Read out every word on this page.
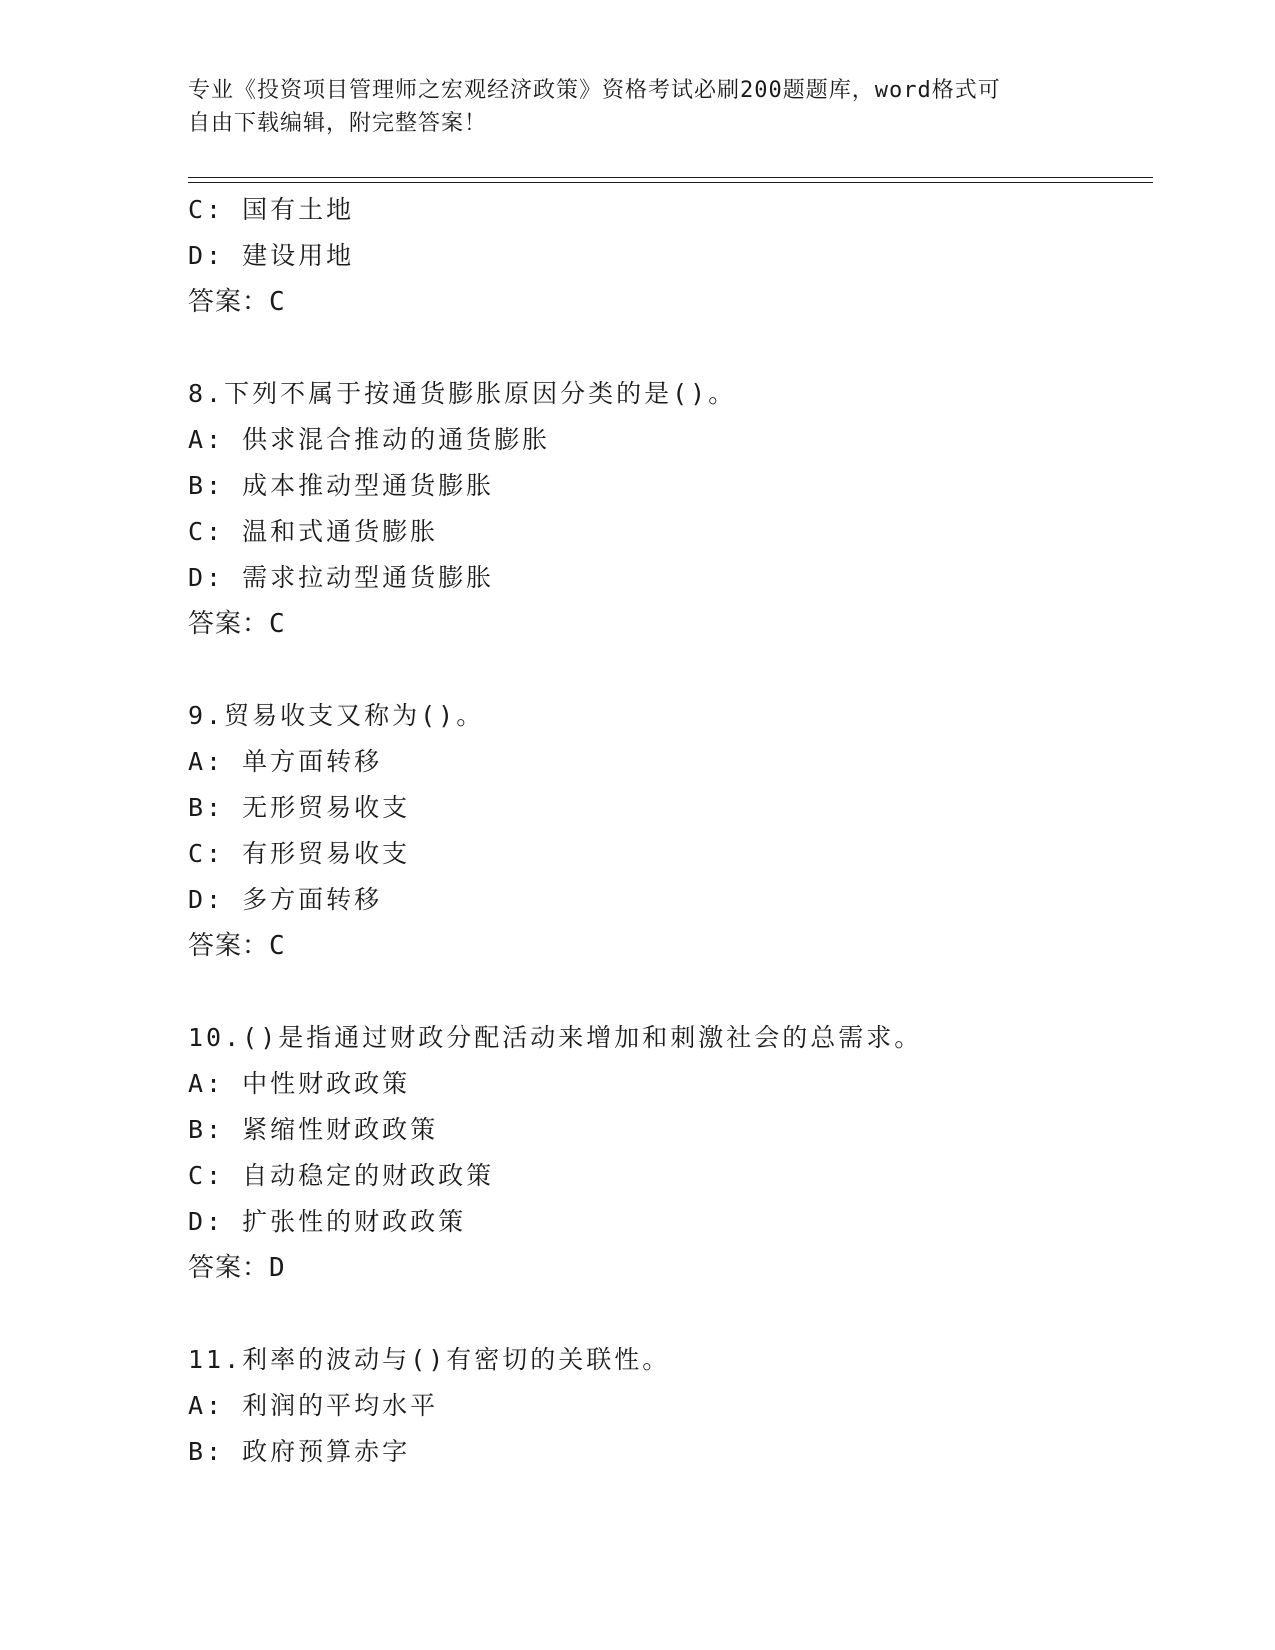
专业《投资项目管理师之宏观经济政策》资格考试必刷200题题库，word格式可
自由下载编辑，附完整答案！
C: 国有土地
D: 建设用地
答案：C
8.下列不属于按通货膨胀原因分类的是()。
A: 供求混合推动的通货膨胀
B: 成本推动型通货膨胀
C: 温和式通货膨胀
D: 需求拉动型通货膨胀
答案：C
9.贸易收支又称为()。
A: 单方面转移
B: 无形贸易收支
C: 有形贸易收支
D: 多方面转移
答案：C
10.()是指通过财政分配活动来增加和刺激社会的总需求。
A: 中性财政政策
B: 紧缩性财政政策
C: 自动稳定的财政政策
D: 扩张性的财政政策
答案：D
11.利率的波动与()有密切的关联性。
A: 利润的平均水平
B: 政府预算赤字
